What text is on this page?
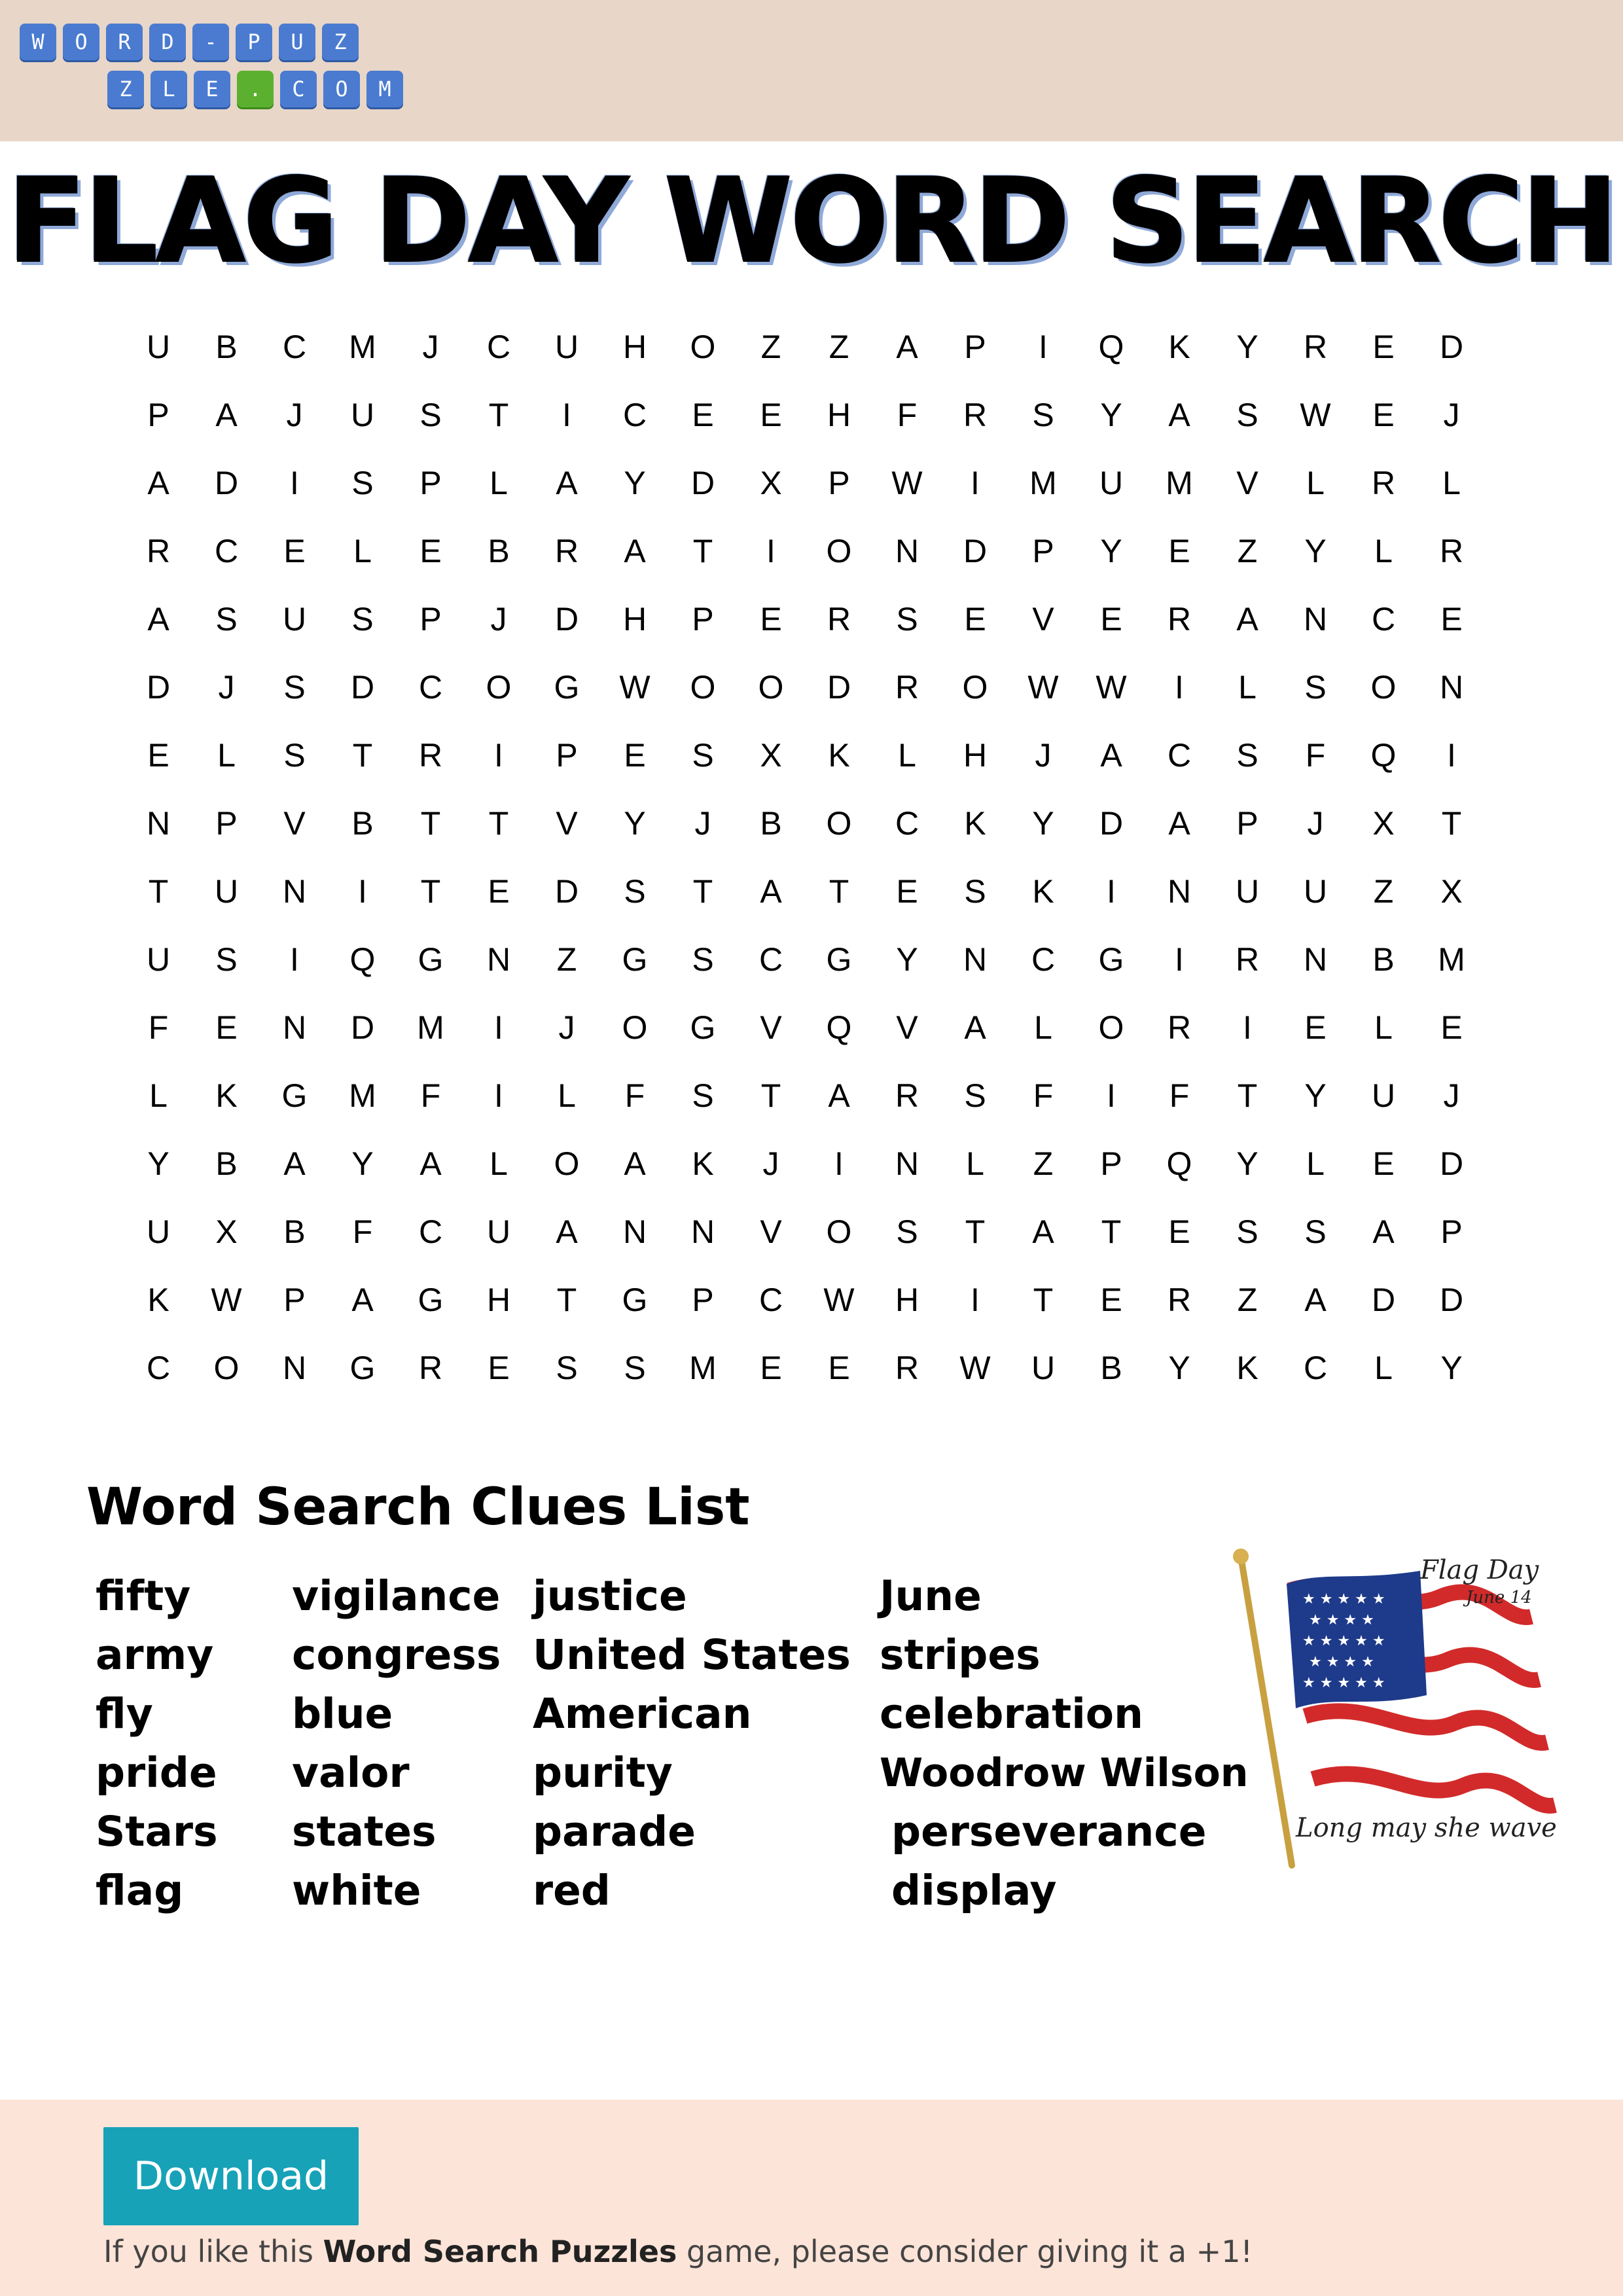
W	O	R	D	-	P	U	Z
Z	L	E	.	C	O	M
FLAG DAY WORD SEARCH
U	B	C	M	J	C	U	H	O	Z	Z	A	P	I	Q	K	Y	R	E	D
P	A	J	U	S	T	I	C	E	E	H	F	R	S	Y	A	S	W	E	J
A	D	I	S	P	L	A	Y	D	X	P	W	I	M	U	M	V	L	R	L
R	C	E	L	E	B	R	A	T	I	O	N	D	P	Y	E	Z	Y	L	R
A	S	U	S	P	J	D	H	P	E	R	S	E	V	E	R	A	N	C	E
D	J	S	D	C	O	G	W	O	O	D	R	O	W	W	I	L	S	O	N
E	L	S	T	R	I	P	E	S	X	K	L	H	J	A	C	S	F	Q	I
N	P	V	B	T	T	V	Y	J	B	O	C	K	Y	D	A	P	J	X	T
T	U	N	I	T	E	D	S	T	A	T	E	S	K	I	N	U	U	Z	X
U	S	I	Q	G	N	Z	G	S	C	G	Y	N	C	G	I	R	N	B	M
F	E	N	D	M	I	J	O	G	V	Q	V	A	L	O	R	I	E	L	E
L	K	G	M	F	I	L	F	S	T	A	R	S	F	I	F	T	Y	U	J
Y	B	A	Y	A	L	O	A	K	J	I	N	L	Z	P	Q	Y	L	E	D
U	X	B	F	C	U	A	N	N	V	O	S	T	A	T	E	S	S	A	P
K	W	P	A	G	H	T	G	P	C	W	H	I	T	E	R	Z	A	D	D
C	O	N	G	R	E	S	S	M	E	E	R	W	U	B	Y	K	C	L	Y
Word Search Clues List
fifty
army
fly
pride
Stars
flag
vigilance
congress
blue
valor
states
white
justice
United States
American
purity
parade
red
June
stripes
celebration
Woodrow Wilson
perseverance
display
★ ★ ★ ★ ★
★ ★ ★ ★
★ ★ ★ ★ ★
★ ★ ★ ★
★ ★ ★ ★ ★
Flag Day
June 14
Long may she wave
Download
If you like this Word Search Puzzles game, please consider giving it a +1!
